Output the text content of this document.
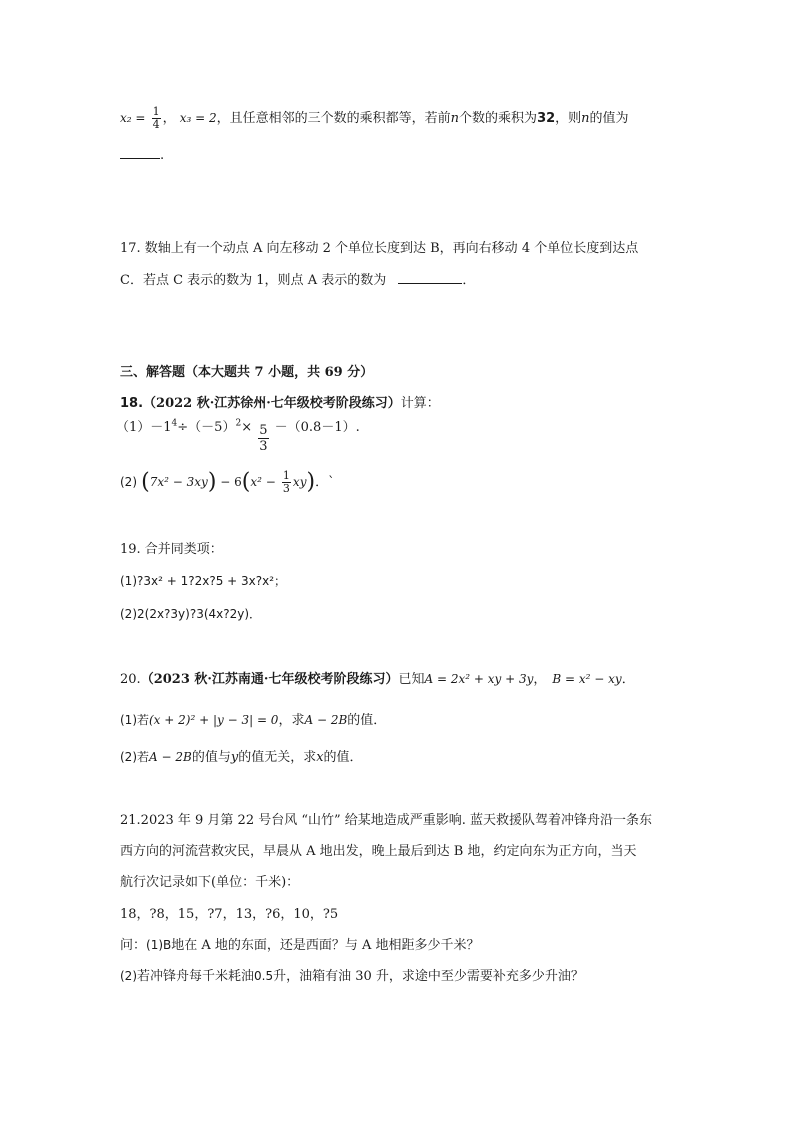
$x_2 = \frac{1}{4}$ ， x₃ = 2，且任意相邻的三个数的乘积都等，若前n个数的乘积为32，则n的值为
.
17. 数轴上有一个动点 A 向左移动 2 个单位长度到达 B，再向右移动 4 个单位长度到达点
C．若点 C 表示的数为 1，则点 A 表示的数为	．
三、解答题（本大题共 7 小题，共 69 分）
18.（2022 秋·江苏徐州·七年级校考阶段练习）计算：
$(1)-1^4\div(-5)^2\times \frac{5}{3} -(0.8-1)$.
(2) $(7x^2 - 3xy) - 6(x^2 - \frac{1}{3} xy)$．`
19. 合并同类项：
(1)?3x² + 1?2x?5 + 3x?x²；
(2)2(2x?3y)?3(4x?2y)．
20.（2023 秋·江苏南通·七年级校考阶段练习）已知A = 2x² + xy + 3y， B = x² − xy．
(1)若(x + 2)² + |y − 3| = 0，求A − 2B的值．
(2)若A − 2B的值与y的值无关，求x的值．
21.2023 年 9 月第 22 号台风 “山竹” 给某地造成严重影响. 蓝天救援队驾着冲锋舟沿一条东
西方向的河流营救灾民，早晨从 A 地出发，晚上最后到达 B 地，约定向东为正方向，当天
航行次记录如下(单位：千米)：
18，?8，15，?7，13，?6，10，?5
问：(1)B地在 A 地的东面，还是西面？与 A 地相距多少千米？
(2)若冲锋舟每千米耗油0.5升，油箱有油 30 升，求途中至少需要补充多少升油？
